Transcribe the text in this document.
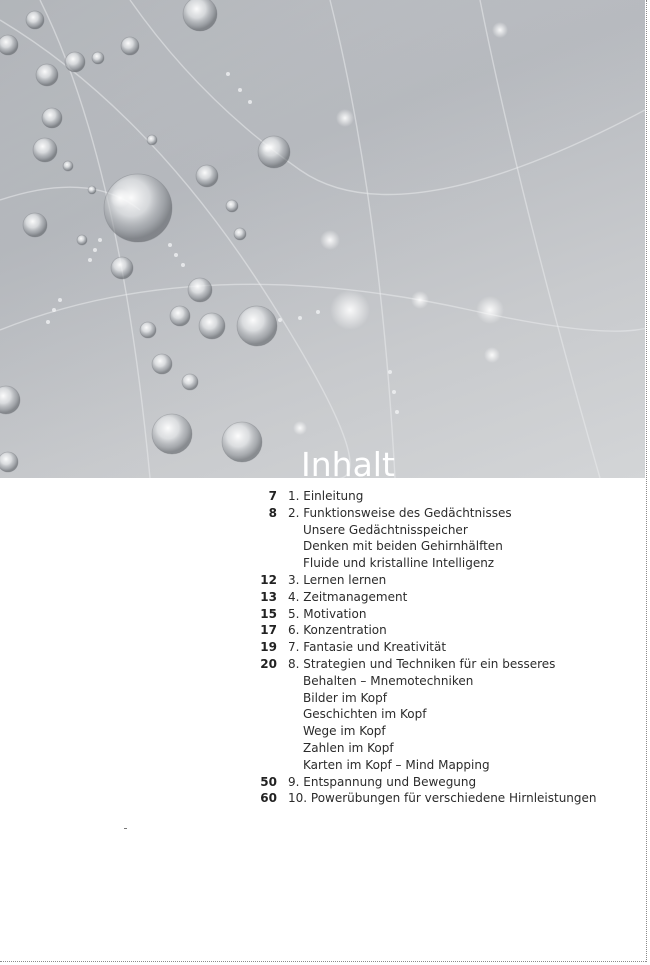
Inhalt
7 1. Einleitung
8 2. Funktionsweise des Gedächtnisses
Unsere Gedächtnisspeicher
Denken mit beiden Gehirnhälften
Fluide und kristalline Intelligenz
12 3. Lernen lernen
13 4. Zeitmanagement
15 5. Motivation
17 6. Konzentration
19 7. Fantasie und Kreativität
20 8. Strategien und Techniken für ein besseres
Behalten – Mnemotechniken
Bilder im Kopf
Geschichten im Kopf
Wege im Kopf
Zahlen im Kopf
Karten im Kopf – Mind Mapping
50 9. Entspannung und Bewegung
60 10. Powerübungen für verschiedene Hirnleistungen
